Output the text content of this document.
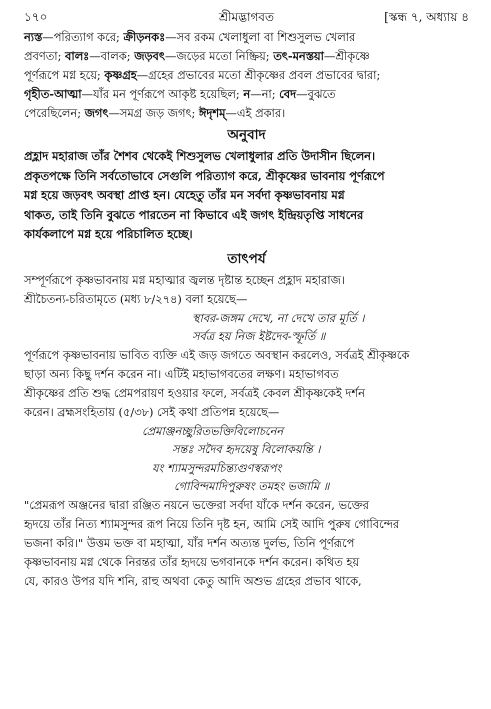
১৭০	শ্রীমদ্ভাগবত	[স্কন্ধ ৭, অধ্যায় ৪

ন্যস্ত—পরিত্যাগ করে; ক্রীড়নকঃ—সব রকম খেলাধুলা বা শিশুসুলভ খেলার

প্রবণতা; বালঃ—বালক; জড়বৎ—জড়ের মতো নিষ্ক্রিয়; তৎ-মনস্তয়া—শ্রীকৃষ্ণে

পূর্ণরূপে মগ্ন হয়ে; কৃষ্ণগ্রহ—গ্রহের প্রভাবের মতো শ্রীকৃষ্ণের প্রবল প্রভাবের দ্বারা;

গৃহীত-আত্মা—যাঁর মন পূর্ণরূপে আকৃষ্ট হয়েছিল; ন—না; বেদ—বুঝতে

পেরেছিলেন; জগৎ—সমগ্র জড় জগৎ; ঈদৃশম্—এই প্রকার।

অনুবাদ
প্রহ্লাদ মহারাজ তাঁর শৈশব থেকেই শিশুসুলভ খেলাধুলার প্রতি উদাসীন ছিলেন।
প্রকৃতপক্ষে তিনি সর্বতোভাবে সেগুলি পরিত্যাগ করে, শ্রীকৃষ্ণের ভাবনায় পূর্ণরূপে
মগ্ন হয়ে জড়বৎ অবস্থা প্রাপ্ত হন। যেহেতু তাঁর মন সর্বদা কৃষ্ণভাবনায় মগ্ন
থাকত, তাই তিনি বুঝতে পারতেন না কিভাবে এই জগৎ ইন্দ্রিয়তৃপ্তি সাধনের
কার্যকলাপে মগ্ন হয়ে পরিচালিত হচ্ছে।
তাৎপর্য

সম্পূর্ণরূপে কৃষ্ণভাবনায় মগ্ন মহাত্মার জ্বলন্ত দৃষ্টান্ত হচ্ছেন প্রহ্লাদ মহারাজ।

শ্রীচৈতন্য-চরিতামৃতে (মধ্য ৮/২৭৪) বলা হয়েছে—

স্থাবর-জঙ্গম দেখে, না দেখে তার মূর্তি ।

সর্বত্র হয় নিজ ইষ্টদেব-স্ফূর্তি ॥

পূর্ণরূপে কৃষ্ণভাবনায় ভাবিত ব্যক্তি এই জড় জগতে অবস্থান করলেও, সর্বত্রই শ্রীকৃষ্ণকে

ছাড়া অন্য কিছু দর্শন করেন না। এটিই মহাভাগবতের লক্ষণ। মহাভাগবত

শ্রীকৃষ্ণের প্রতি শুদ্ধ প্রেমপরায়ণ হওয়ার ফলে, সর্বত্রই কেবল শ্রীকৃষ্ণকেই দর্শন

করেন। ব্রহ্মসংহিতায় (৫/৩৮) সেই কথা প্রতিপন্ন হয়েছে—

প্রেমাঞ্জনচ্ছুরিতভক্তিবিলোচনেন

সন্তঃ সদৈব হৃদয়েষু বিলোকয়ন্তি ।

যং শ্যামসুন্দরমচিন্ত্যগুণস্বরূপং

গোবিন্দমাদিপুরুষং তমহং ভজামি ॥

"প্রেমরূপ অঞ্জনের দ্বারা রঞ্জিত নয়নে ভক্তেরা সর্বদা যাঁকে দর্শন করেন, ভক্তের

হৃদয়ে তাঁর নিত্য শ্যামসুন্দর রূপ নিয়ে তিনি দৃষ্ট হন, আমি সেই আদি পুরুষ গোবিন্দের

ভজনা করি।" উত্তম ভক্ত বা মহাত্মা, যাঁর দর্শন অত্যন্ত দুর্লভ, তিনি পূর্ণরূপে

কৃষ্ণভাবনায় মগ্ন থেকে নিরন্তর তাঁর হৃদয়ে ভগবানকে দর্শন করেন। কথিত হয়

যে, কারও উপর যদি শনি, রাহু অথবা কেতু আদি অশুভ গ্রহের প্রভাব থাকে,
